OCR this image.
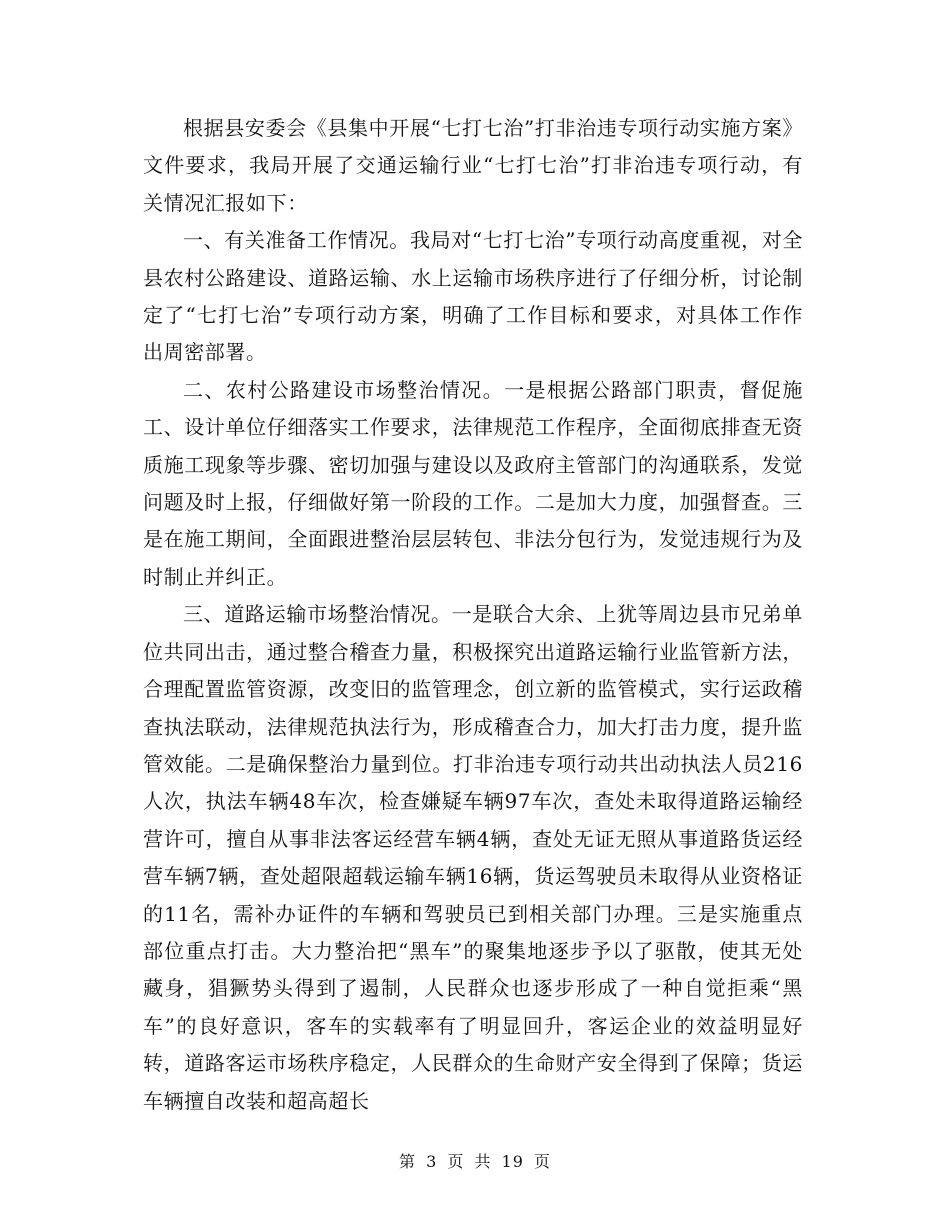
根据县安委会《县集中开展“七打七治”打非治违专项行动实施方案》文件要求，我局开展了交通运输行业“七打七治”打非治违专项行动，有关情况汇报如下：

一、有关准备工作情况。我局对“七打七治”专项行动高度重视，对全县农村公路建设、道路运输、水上运输市场秩序进行了仔细分析，讨论制定了“七打七治”专项行动方案，明确了工作目标和要求，对具体工作作出周密部署。

二、农村公路建设市场整治情况。一是根据公路部门职责，督促施工、设计单位仔细落实工作要求，法律规范工作程序，全面彻底排查无资质施工现象等步骤、密切加强与建设以及政府主管部门的沟通联系，发觉问题及时上报，仔细做好第一阶段的工作。二是加大力度，加强督查。三是在施工期间，全面跟进整治层层转包、非法分包行为，发觉违规行为及时制止并纠正。

三、道路运输市场整治情况。一是联合大余、上犹等周边县市兄弟单位共同出击，通过整合稽查力量，积极探究出道路运输行业监管新方法，合理配置监管资源，改变旧的监管理念，创立新的监管模式，实行运政稽查执法联动，法律规范执法行为，形成稽查合力，加大打击力度，提升监管效能。二是确保整治力量到位。打非治违专项行动共出动执法人员216人次，执法车辆48车次，检查嫌疑车辆97车次，查处未取得道路运输经营许可，擅自从事非法客运经营车辆4辆，查处无证无照从事道路货运经营车辆7辆，查处超限超载运输车辆16辆，货运驾驶员未取得从业资格证的11名，需补办证件的车辆和驾驶员已到相关部门办理。三是实施重点部位重点打击。大力整治把“黑车”的聚集地逐步予以了驱散，使其无处藏身，猖獗势头得到了遏制，人民群众也逐步形成了一种自觉拒乘“黑车”的良好意识，客车的实载率有了明显回升，客运企业的效益明显好转，道路客运市场秩序稳定，人民群众的生命财产安全得到了保障；货运车辆擅自改装和超高超长

第 3 页 共 19 页
